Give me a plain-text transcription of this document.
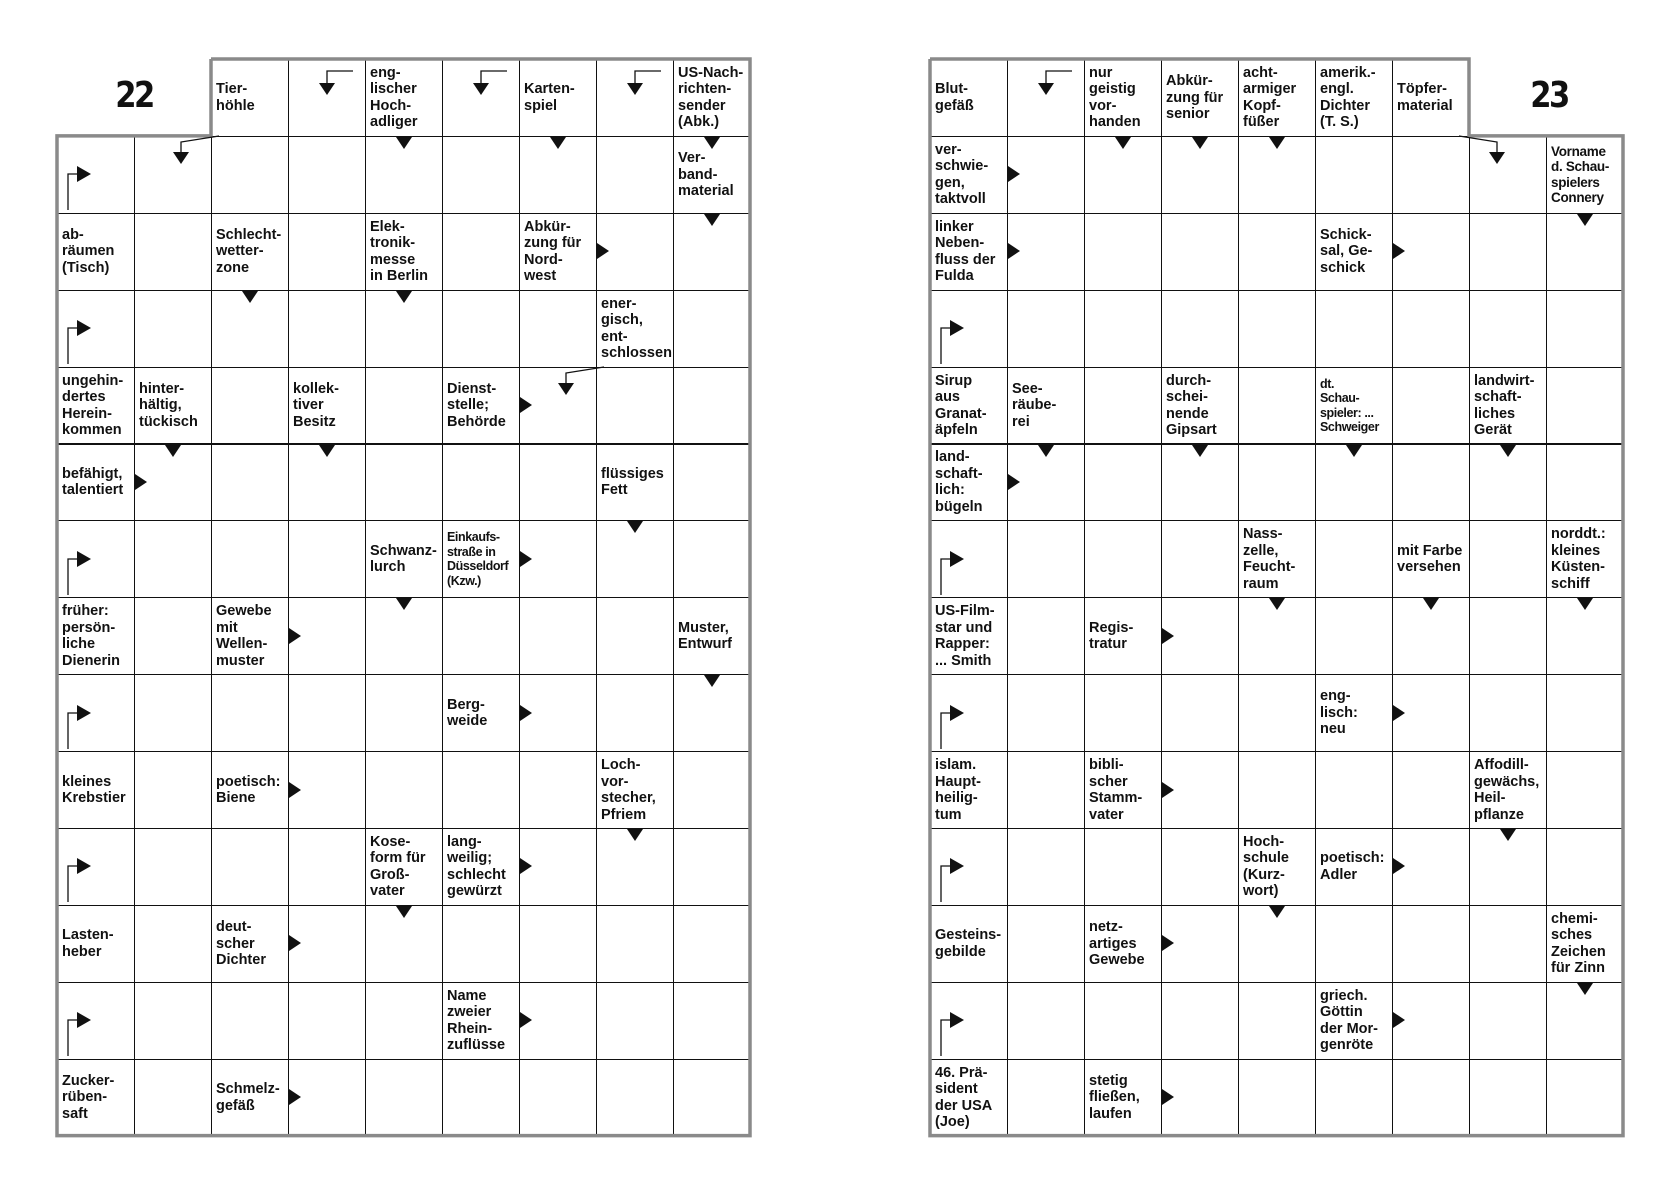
22	23
Tier-
höhle
eng-
lischer
Hoch-
adliger
Karten-
spiel
US-Nach-
richten-
sender
(Abk.)
Ver-
band-
material
ab-
räumen
(Tisch)
Schlecht-
wetter-
zone
Elek-
tronik-
messe
in Berlin
Abkür-
zung für
Nord-
west
ener-
gisch,
ent-
schlossen
ungehin-
dertes
Herein-
kommen
hinter-
hältig,
tückisch
kollek-
tiver
Besitz
Dienst-
stelle;
Behörde
befähigt,
talentiert
flüssiges
Fett
Schwanz-
lurch
Einkaufs-
straße in
Düsseldorf
(Kzw.)
früher:
persön-
liche
Dienerin
Gewebe
mit
Wellen-
muster
Muster,
Entwurf
Berg-
weide
kleines
Krebstier
poetisch:
Biene
Loch-
vor-
stecher,
Pfriem
Kose-
form für
Groß-
vater
lang-
weilig;
schlecht
gewürzt
Lasten-
heber
deut-
scher
Dichter
Name
zweier
Rhein-
zuflüsse
Zucker-
rüben-
saft
Schmelz-
gefäß
Blut-
gefäß
nur
geistig
vor-
handen
Abkür-
zung für
senior
acht-
armiger
Kopf-
füßer
amerik.-
engl.
Dichter
(T. S.)
Töpfer-
material
ver-
schwie-
gen,
taktvoll
Vorname
d. Schau-
spielers
Connery
linker
Neben-
fluss der
Fulda
Schick-
sal, Ge-
schick
Sirup
aus
Granat-
äpfeln
See-
räube-
rei
durch-
schei-
nende
Gipsart
dt.
Schau-
spieler: ...
Schweiger
landwirt-
schaft-
liches
Gerät
land-
schaft-
lich:
bügeln
Nass-
zelle,
Feucht-
raum
mit Farbe
versehen
norddt.:
kleines
Küsten-
schiff
US-Film-
star und
Rapper:
... Smith
Regis-
tratur
eng-
lisch:
neu
islam.
Haupt-
heilig-
tum
bibli-
scher
Stamm-
vater
Affodill-
gewächs,
Heil-
pflanze
Hoch-
schule
(Kurz-
wort)
poetisch:
Adler
Gesteins-
gebilde
netz-
artiges
Gewebe
chemi-
sches
Zeichen
für Zinn
griech.
Göttin
der Mor-
genröte
46. Prä-
sident
der USA
(Joe)
stetig
fließen,
laufen
